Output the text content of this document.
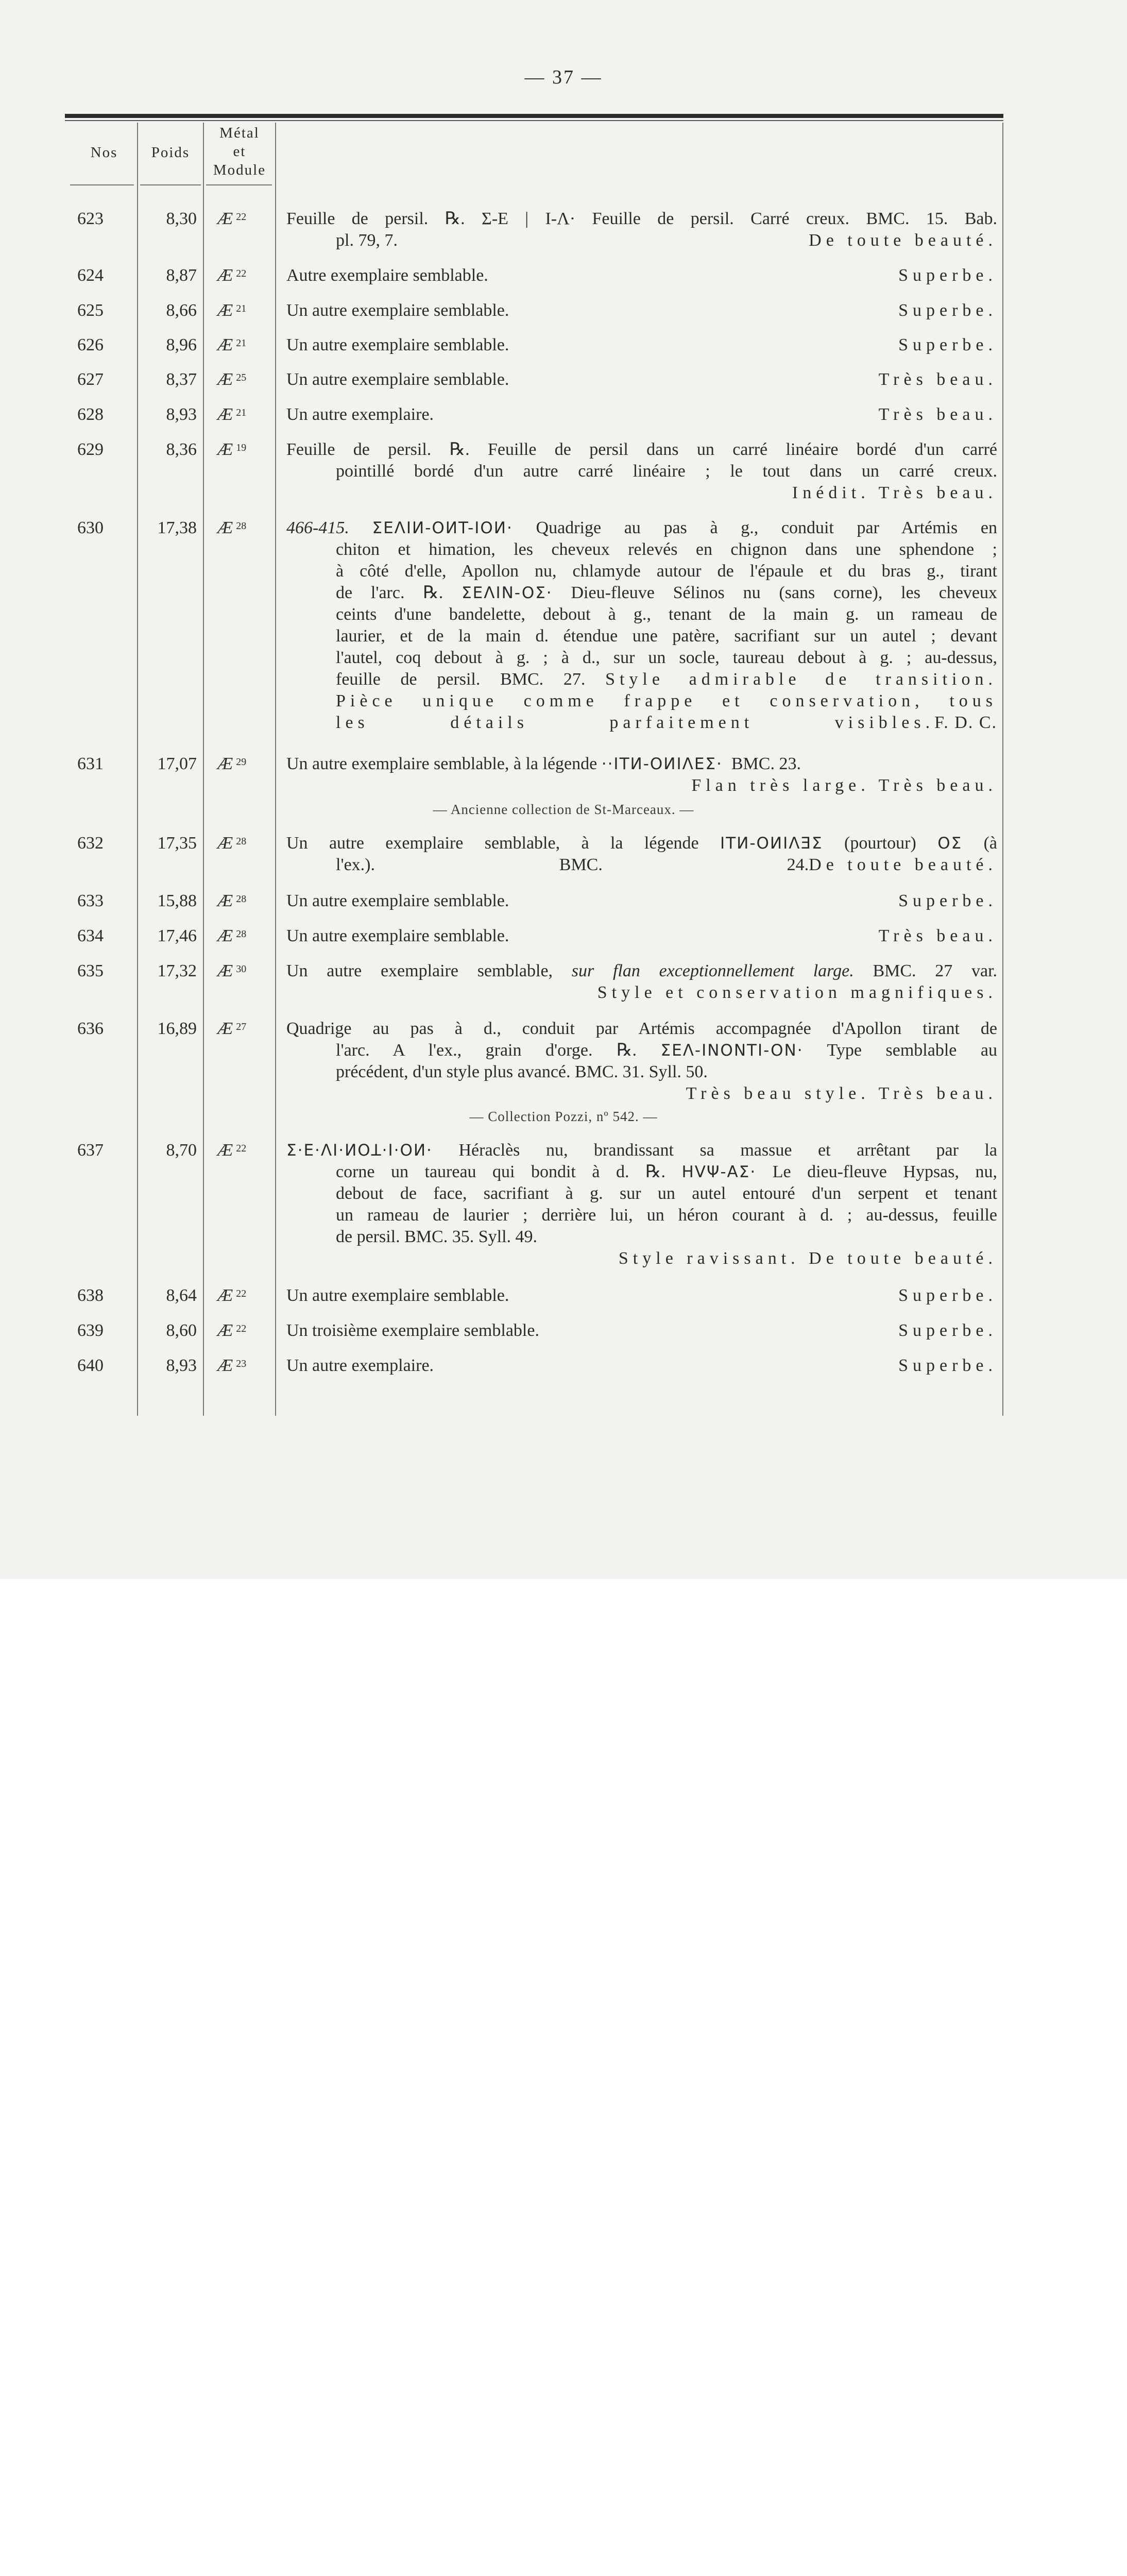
— 37 —
Nos	Poids
Métal
et
Module
623	8,30 Æ $^{22}$	Feuille de persil. ℞. Σ-E | I-Λ· Feuille de persil. Carré creux. BMC. 15. Bab.
pl. 79, 7.	De toute beauté.
624	8,87 Æ $^{22}$	Autre exemplaire semblable.	Superbe.
625	8,66 Æ $^{21}$	Un autre exemplaire semblable.	Superbe.
626	8,96 Æ $^{21}$	Un autre exemplaire semblable.	Superbe.
627	8,37 Æ $^{25}$	Un autre exemplaire semblable.	Très beau.
628	8,93 Æ $^{21}$	Un autre exemplaire.	Très beau.
629	8,36 Æ $^{19}$	Feuille de persil. ℞. Feuille de persil dans un carré linéaire bordé d'un carré
pointillé bordé d'un autre carré linéaire ; le tout dans un carré creux.
Inédit. Très beau.
630	17,38 Æ $^{28}$	466-415. ΣEΛIͶ-OͶT-IOͶ· Quadrige au pas à g., conduit par Artémis en
chiton et himation, les cheveux relevés en chignon dans une sphendone ;
à côté d'elle, Apollon nu, chlamyde autour de l'épaule et du bras g., tirant
de l'arc. ℞. ΣEΛIN-OΣ· Dieu-fleuve Sélinos nu (sans corne), les cheveux
ceints d'une bandelette, debout à g., tenant de la main g. un rameau de
laurier, et de la main d. étendue une patère, sacrifiant sur un autel ; devant
l'autel, coq debout à g. ; à d., sur un socle, taureau debout à g. ; au-dessus,
feuille de persil. BMC. 27. Style admirable de transition.
Pièce unique comme frappe et conservation, tous
les détails parfaitement visibles. F. D. C.
631	17,07 Æ $^{29}$	Un autre exemplaire semblable, à la légende ··ITͶ-OͶIΛEΣ· BMC. 23.
Flan très large. Très beau.
— Ancienne collection de St-Marceaux. —
632	17,35 Æ $^{28}$	Un autre exemplaire semblable, à la légende ITͶ-OͶIΛƎΣ (pourtour) OΣ (à
l'ex.). BMC. 24. De toute beauté.
633	15,88 Æ $^{28}$	Un autre exemplaire semblable.	Superbe.
634	17,46 Æ $^{28}$	Un autre exemplaire semblable.	Très beau.
635	17,32 Æ $^{30}$	Un autre exemplaire semblable, sur flan exceptionnellement large. BMC. 27 var.
Style et conservation magnifiques.
636	16,89 Æ $^{27}$	Quadrige au pas à d., conduit par Artémis accompagnée d'Apollon tirant de
l'arc. A l'ex., grain d'orge. ℞. ΣEΛ-INONTI-ON· Type semblable au
précédent, d'un style plus avancé. BMC. 31. Syll. 50.
Très beau style. Très beau.
— Collection Pozzi, nº 542. —
637	8,70 Æ $^{22}$	Σ·E·ΛI·ͶOꓕ·I·OͶ· Héraclès nu, brandissant sa massue et arrêtant par la
corne un taureau qui bondit à d. ℞. HVΨ-AΣ· Le dieu-fleuve Hypsas, nu,
debout de face, sacrifiant à g. sur un autel entouré d'un serpent et tenant
un rameau de laurier ; derrière lui, un héron courant à d. ; au-dessus, feuille
de persil. BMC. 35. Syll. 49.
Style ravissant. De toute beauté.
638	8,64 Æ $^{22}$	Un autre exemplaire semblable.	Superbe.
639	8,60 Æ $^{22}$	Un troisième exemplaire semblable.	Superbe.
640	8,93 Æ $^{23}$	Un autre exemplaire.	Superbe.
